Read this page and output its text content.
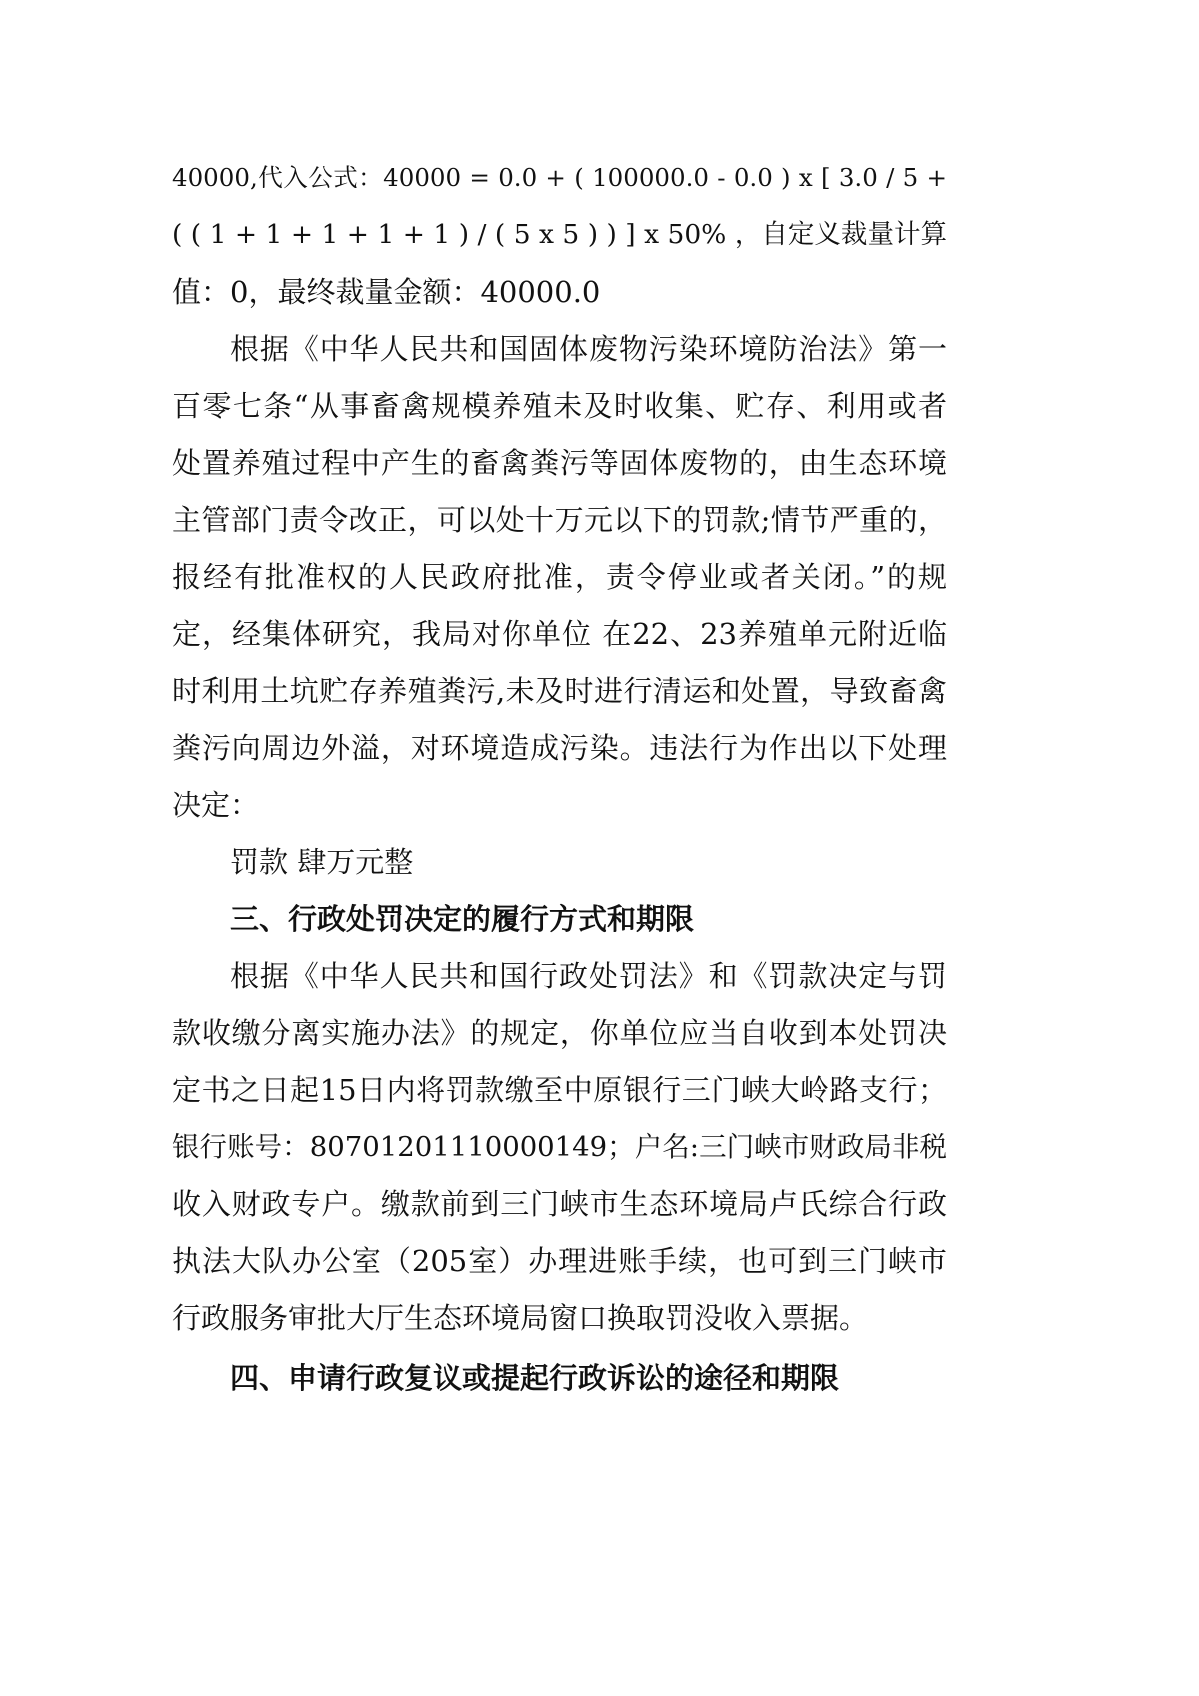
40000,代入公式：40000 = 0.0 + ( 100000.0 - 0.0 ) x [ 3.0 / 5 +
( ( 1 + 1 + 1 + 1 + 1 ) / ( 5 x 5 ) ) ] x 50% ，自定义裁量计算
值：0，最终裁量金额：40000.0
根据《中华人民共和国固体废物污染环境防治法》第一
百零七条“从事畜禽规模养殖未及时收集、贮存、利用或者
处置养殖过程中产生的畜禽粪污等固体废物的，由生态环境
主管部门责令改正，可以处十万元以下的罚款;情节严重的，
报经有批准权的人民政府批准，责令停业或者关闭。”的规
定，经集体研究，我局对你单位 在22、23养殖单元附近临
时利用土坑贮存养殖粪污,未及时进行清运和处置，导致畜禽
粪污向周边外溢，对环境造成污染。违法行为作出以下处理
决定：
罚款 肆万元整
三、行政处罚决定的履行方式和期限
根据《中华人民共和国行政处罚法》和《罚款决定与罚
款收缴分离实施办法》的规定，你单位应当自收到本处罚决
定书之日起15日内将罚款缴至中原银行三门峡大岭路支行；
银行账号：80701201110000149；户名:三门峡市财政局非税
收入财政专户。缴款前到三门峡市生态环境局卢氏综合行政
执法大队办公室（205室）办理进账手续，也可到三门峡市
行政服务审批大厅生态环境局窗口换取罚没收入票据。
四、申请行政复议或提起行政诉讼的途径和期限
